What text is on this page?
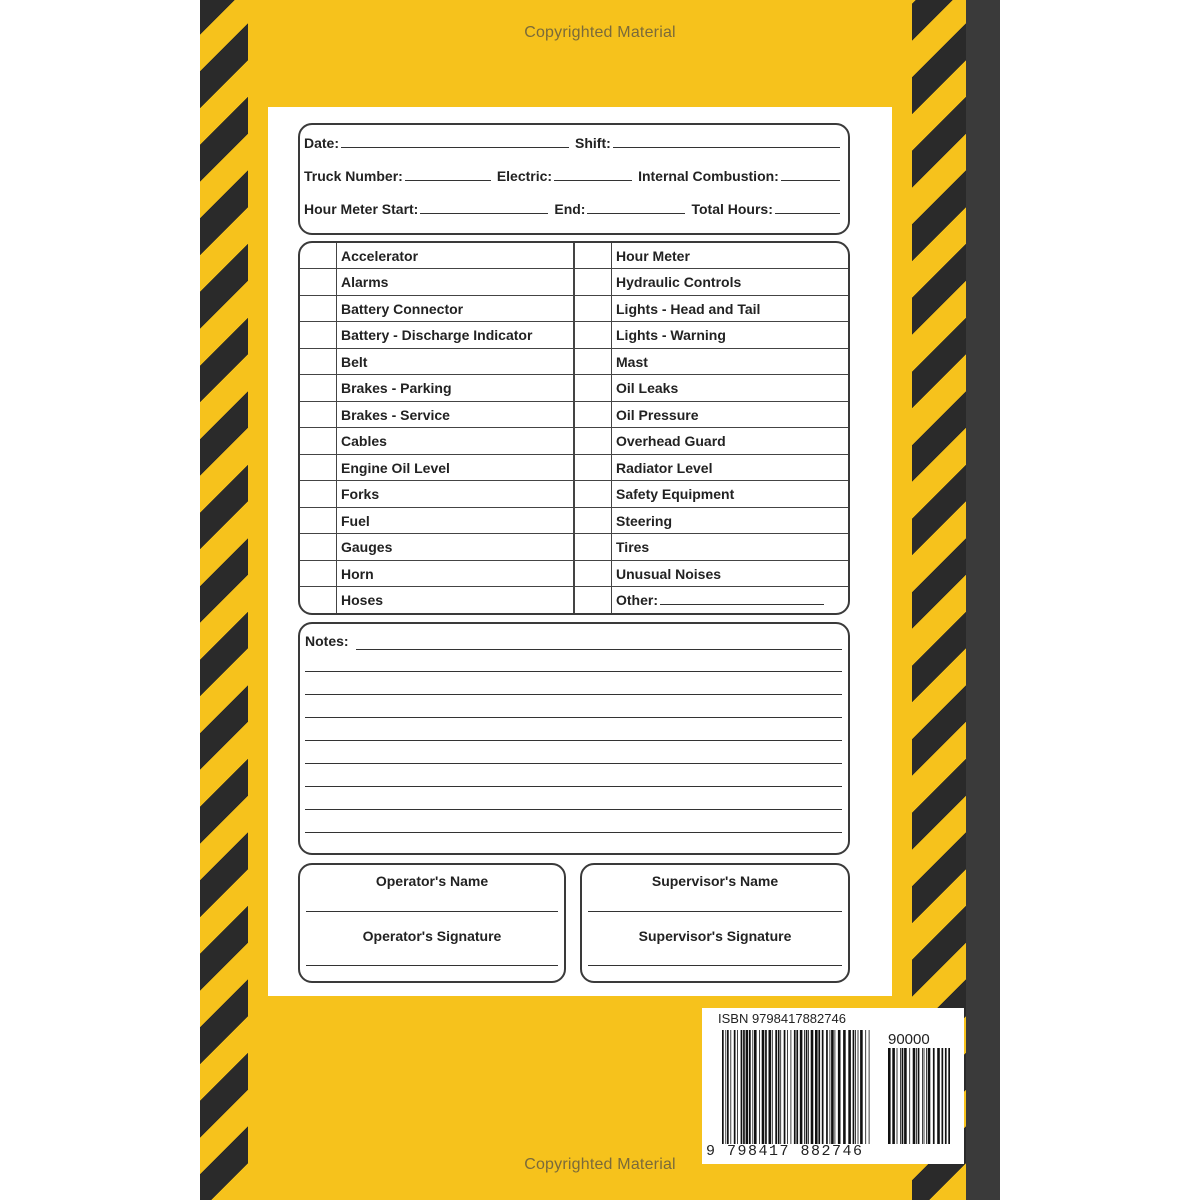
Copyrighted Material
Copyrighted Material
Date:	Shift:
Truck Number:	Electric:	Internal Combustion:
Hour Meter Start:	End:	Total Hours:
	Accelerator		Hour Meter
	Alarms		Hydraulic Controls
	Battery Connector		Lights - Head and Tail
	Battery - Discharge Indicator		Lights - Warning
	Belt		Mast
	Brakes - Parking		Oil Leaks
	Brakes - Service		Oil Pressure
	Cables		Overhead Guard
	Engine Oil Level		Radiator Level
	Forks		Safety Equipment
	Fuel		Steering
	Gauges		Tires
	Horn		Unusual Noises
	Hoses		Other:
Notes:
Operator's Name
Operator's Signature
Supervisor's Name
Supervisor's Signature
ISBN 9798417882746
90000
9 798417 882746
